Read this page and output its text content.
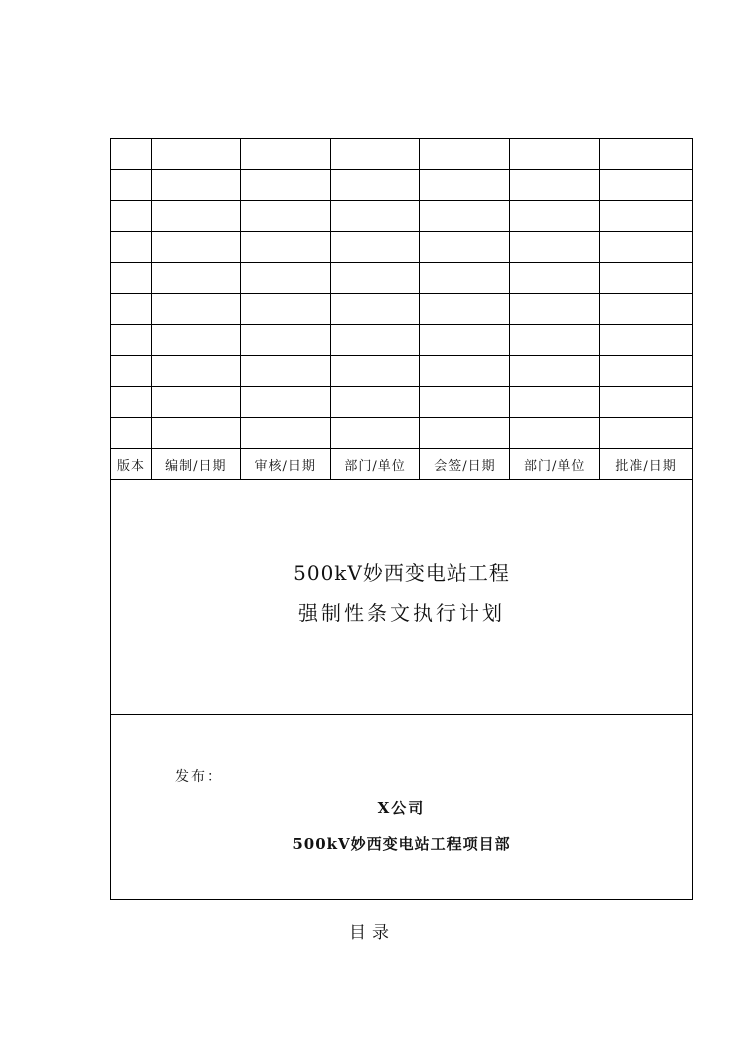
版本	编制/日期	审核/日期	部门/单位	会签/日期	部门/单位	批准/日期
500kV妙西变电站工程
强制性条文执行计划
发布：
X公司
500kV妙西变电站工程项目部
目录
